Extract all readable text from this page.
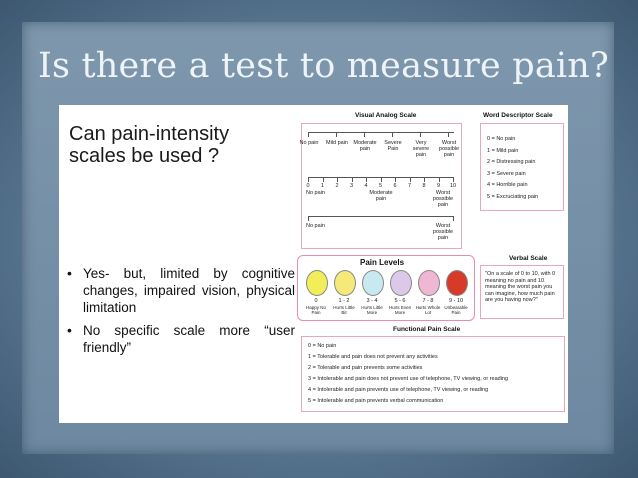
Is there a test to measure pain?
Can pain-intensity scales be used ?
• Yes- but, limited by cognitive changes, impaired vision, physical limitation
• No specific scale more “user friendly”
Visual Analog Scale
No pain	Mild pain Moderate pain
Severe Pain
Very severe pain
Worst possible pain
0	1	2	3	4	5	6	7	8	9	10
No pain	Moderate pain
Worst possible pain
No pain	Worst possible pain
Word Descriptor Scale
0 = No pain
1 = Mild pain
2 = Distressing pain
3 = Severe pain
4 = Horrible pain
5 = Excruciating pain
Pain Levels
0
Happy No Pain
1 - 2
Hurts Little Bit
3 - 4
Hurts Little More
5 - 6
Hurts Even More
7 - 8
Hurts Whole Lot
9 - 10
Unbearable Pain
Verbal Scale
"On a scale of 0 to 10, with 0 meaning no pain and 10 meaning the worst pain you can imagine, how much pain are you having now?"
Functional Pain Scale
0 = No pain
1 = Tolerable and pain does not prevent any activities
2 = Tolerable and pain prevents some activities
3 = Intolerable and pain does not prevent use of telephone, TV viewing, or reading
4 = Intolerable and pain prevents use of telephone, TV viewing, or reading
5 = Intolerable and pain prevents verbal communication
